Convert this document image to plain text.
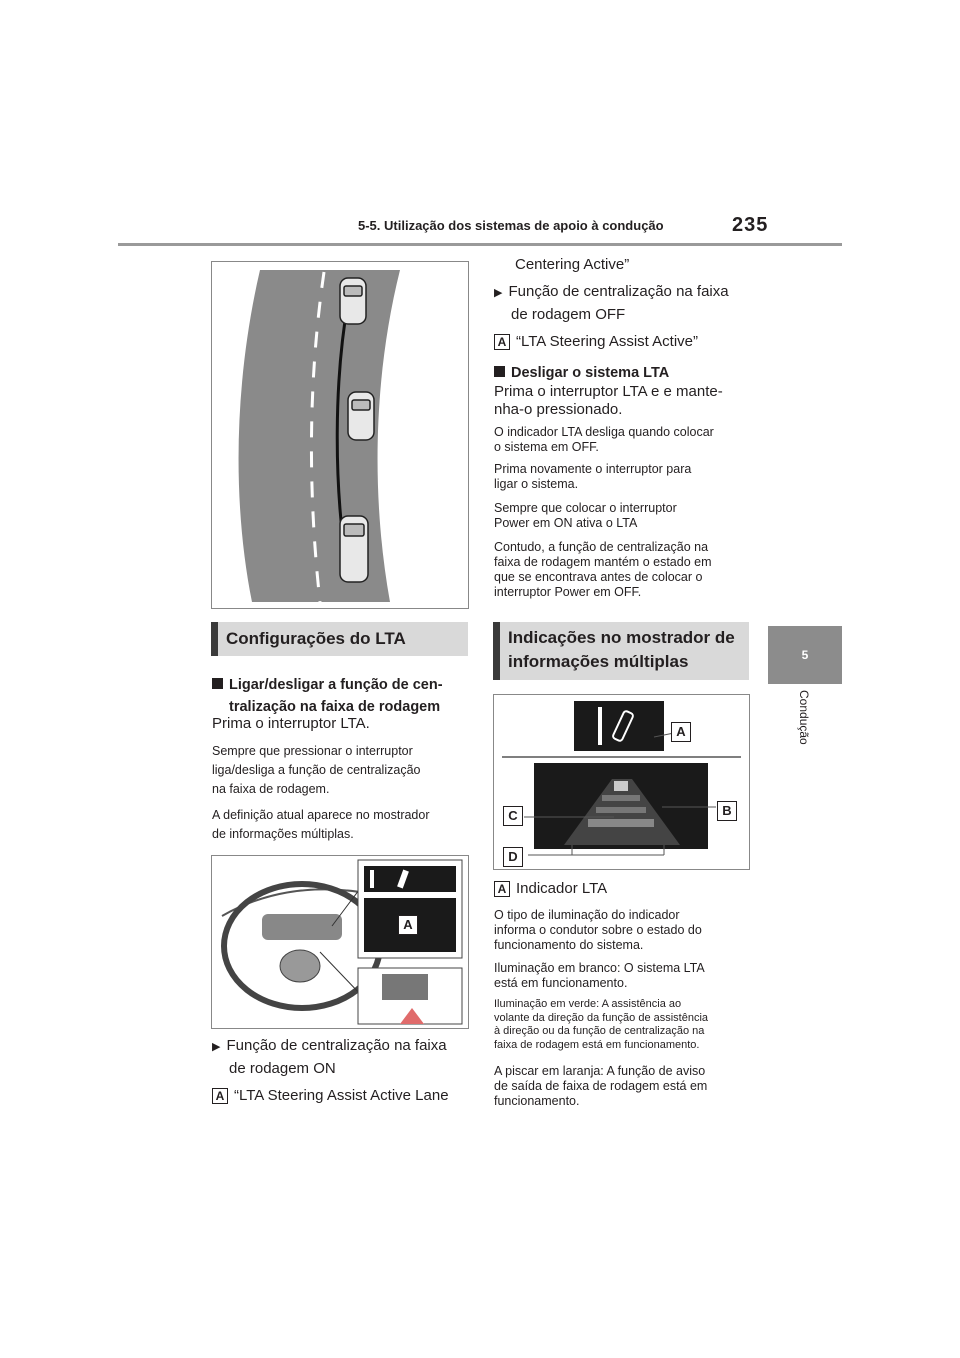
5-5. Utilização dos sistemas de apoio à condução	235
5
Condução
Configurações do LTA
Ligar/desligar a função de cen-
tralização na faixa de rodagem
Prima o interruptor LTA.
Sempre que pressionar o interruptor
liga/desliga a função de centralização
na faixa de rodagem.
A definição atual aparece no mostrador
de informações múltiplas.
A
▶ Função de centralização na faixa
de rodagem ON
A “LTA Steering Assist Active Lane
Centering Active”
▶ Função de centralização na faixa
de rodagem OFF
A “LTA Steering Assist Active”
Desligar o sistema LTA
Prima o interruptor LTA e e mante-
nha-o pressionado.
O indicador LTA desliga quando colocar
o sistema em OFF.
Prima novamente o interruptor para
ligar o sistema.
Sempre que colocar o interruptor
Power em ON ativa o LTA
Contudo, a função de centralização na
faixa de rodagem mantém o estado em
que se encontrava antes de colocar o
interruptor Power em OFF.
Indicações no mostrador de
informações múltiplas
A
B
C
D
A Indicador LTA
O tipo de iluminação do indicador
informa o condutor sobre o estado do
funcionamento do sistema.
Iluminação em branco: O sistema LTA
está em funcionamento.
Iluminação em verde: A assistência ao
volante da direção da função de assistência
à direção ou da função de centralização na
faixa de rodagem está em funcionamento.
A piscar em laranja: A função de aviso
de saída de faixa de rodagem está em
funcionamento.
